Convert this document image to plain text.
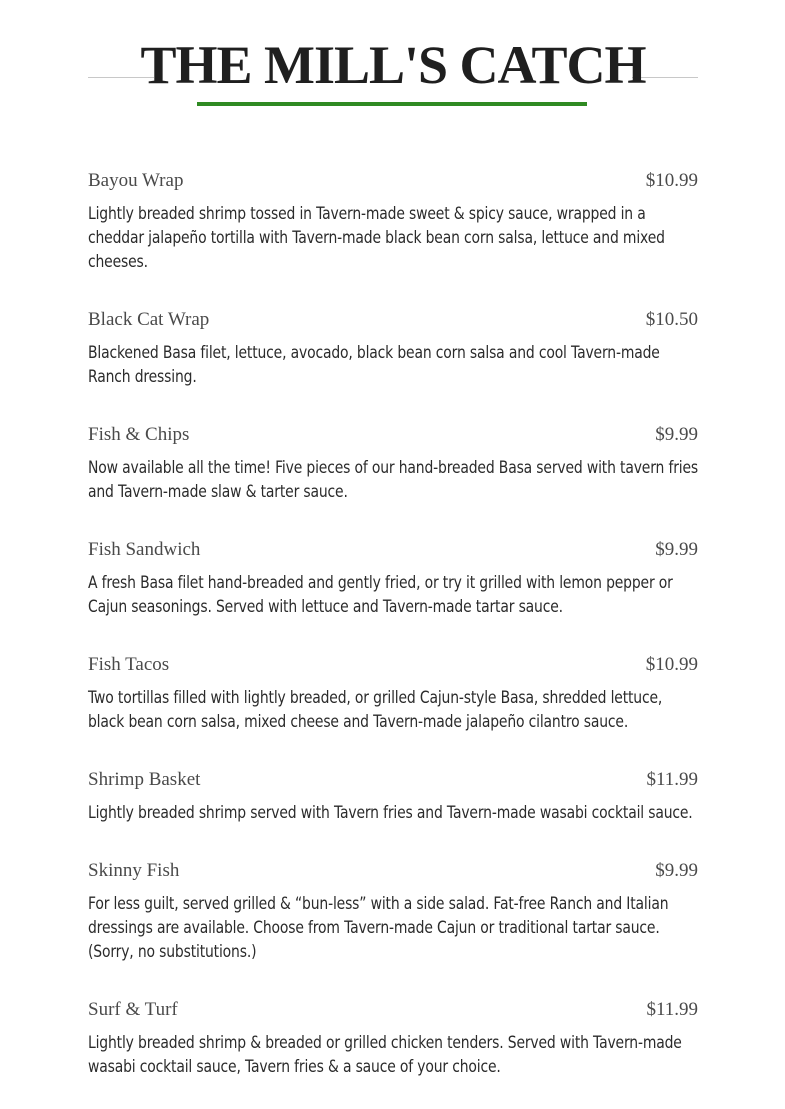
THE MILL'S CATCH
Bayou Wrap	$10.99
Lightly breaded shrimp tossed in Tavern-made sweet & spicy sauce, wrapped in a cheddar jalapeño tortilla with Tavern-made black bean corn salsa, lettuce and mixed cheeses.
Black Cat Wrap	$10.50
Blackened Basa filet, lettuce, avocado, black bean corn salsa and cool Tavern-made Ranch dressing.
Fish & Chips	$9.99
Now available all the time! Five pieces of our hand-breaded Basa served with tavern fries and Tavern-made slaw & tarter sauce.
Fish Sandwich	$9.99
A fresh Basa filet hand-breaded and gently fried, or try it grilled with lemon pepper or Cajun seasonings. Served with lettuce and Tavern-made tartar sauce.
Fish Tacos	$10.99
Two tortillas filled with lightly breaded, or grilled Cajun-style Basa, shredded lettuce, black bean corn salsa, mixed cheese and Tavern-made jalapeño cilantro sauce.
Shrimp Basket	$11.99
Lightly breaded shrimp served with Tavern fries and Tavern-made wasabi cocktail sauce.
Skinny Fish	$9.99
For less guilt, served grilled & “bun-less” with a side salad. Fat-free Ranch and Italian dressings are available. Choose from Tavern-made Cajun or traditional tartar sauce. (Sorry, no substitutions.)
Surf & Turf	$11.99
Lightly breaded shrimp & breaded or grilled chicken tenders. Served with Tavern-made wasabi cocktail sauce, Tavern fries & a sauce of your choice.
